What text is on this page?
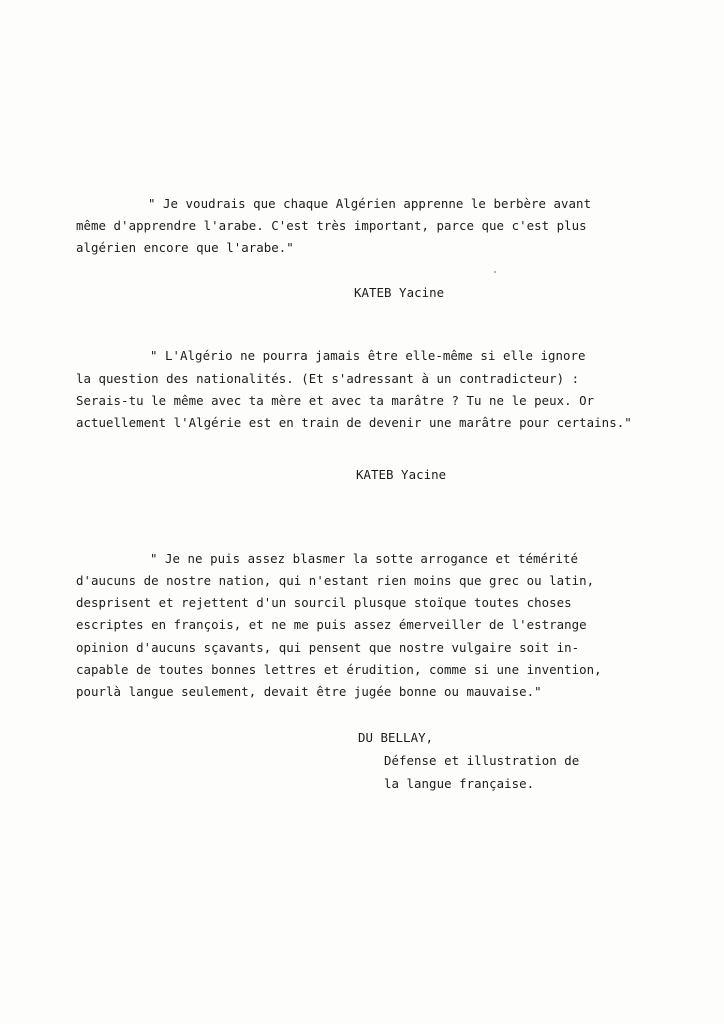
" Je voudrais que chaque Algérien apprenne le berbère avant
même d'apprendre l'arabe. C'est très important, parce que c'est plus
algérien encore que l'arabe."
KATEB Yacine
" L'Algério ne pourra jamais être elle-même si elle ignore
la question des nationalités. (Et s'adressant à un contradicteur) :
Serais-tu le même avec ta mère et avec ta marâtre ? Tu ne le peux. Or
actuellement l'Algérie est en train de devenir une marâtre pour certains."
KATEB Yacine
" Je ne puis assez blasmer la sotte arrogance et témérité
d'aucuns de nostre nation, qui n'estant rien moins que grec ou latin,
desprisent et rejettent d'un sourcil plusque stoïque toutes choses
escriptes en françois, et ne me puis assez émerveiller de l'estrange
opinion d'aucuns sçavants, qui pensent que nostre vulgaire soit in-
capable de toutes bonnes lettres et érudition, comme si une invention,
pourlà langue seulement, devait être jugée bonne ou mauvaise."
DU BELLAY,
Défense et illustration de
la langue française.
